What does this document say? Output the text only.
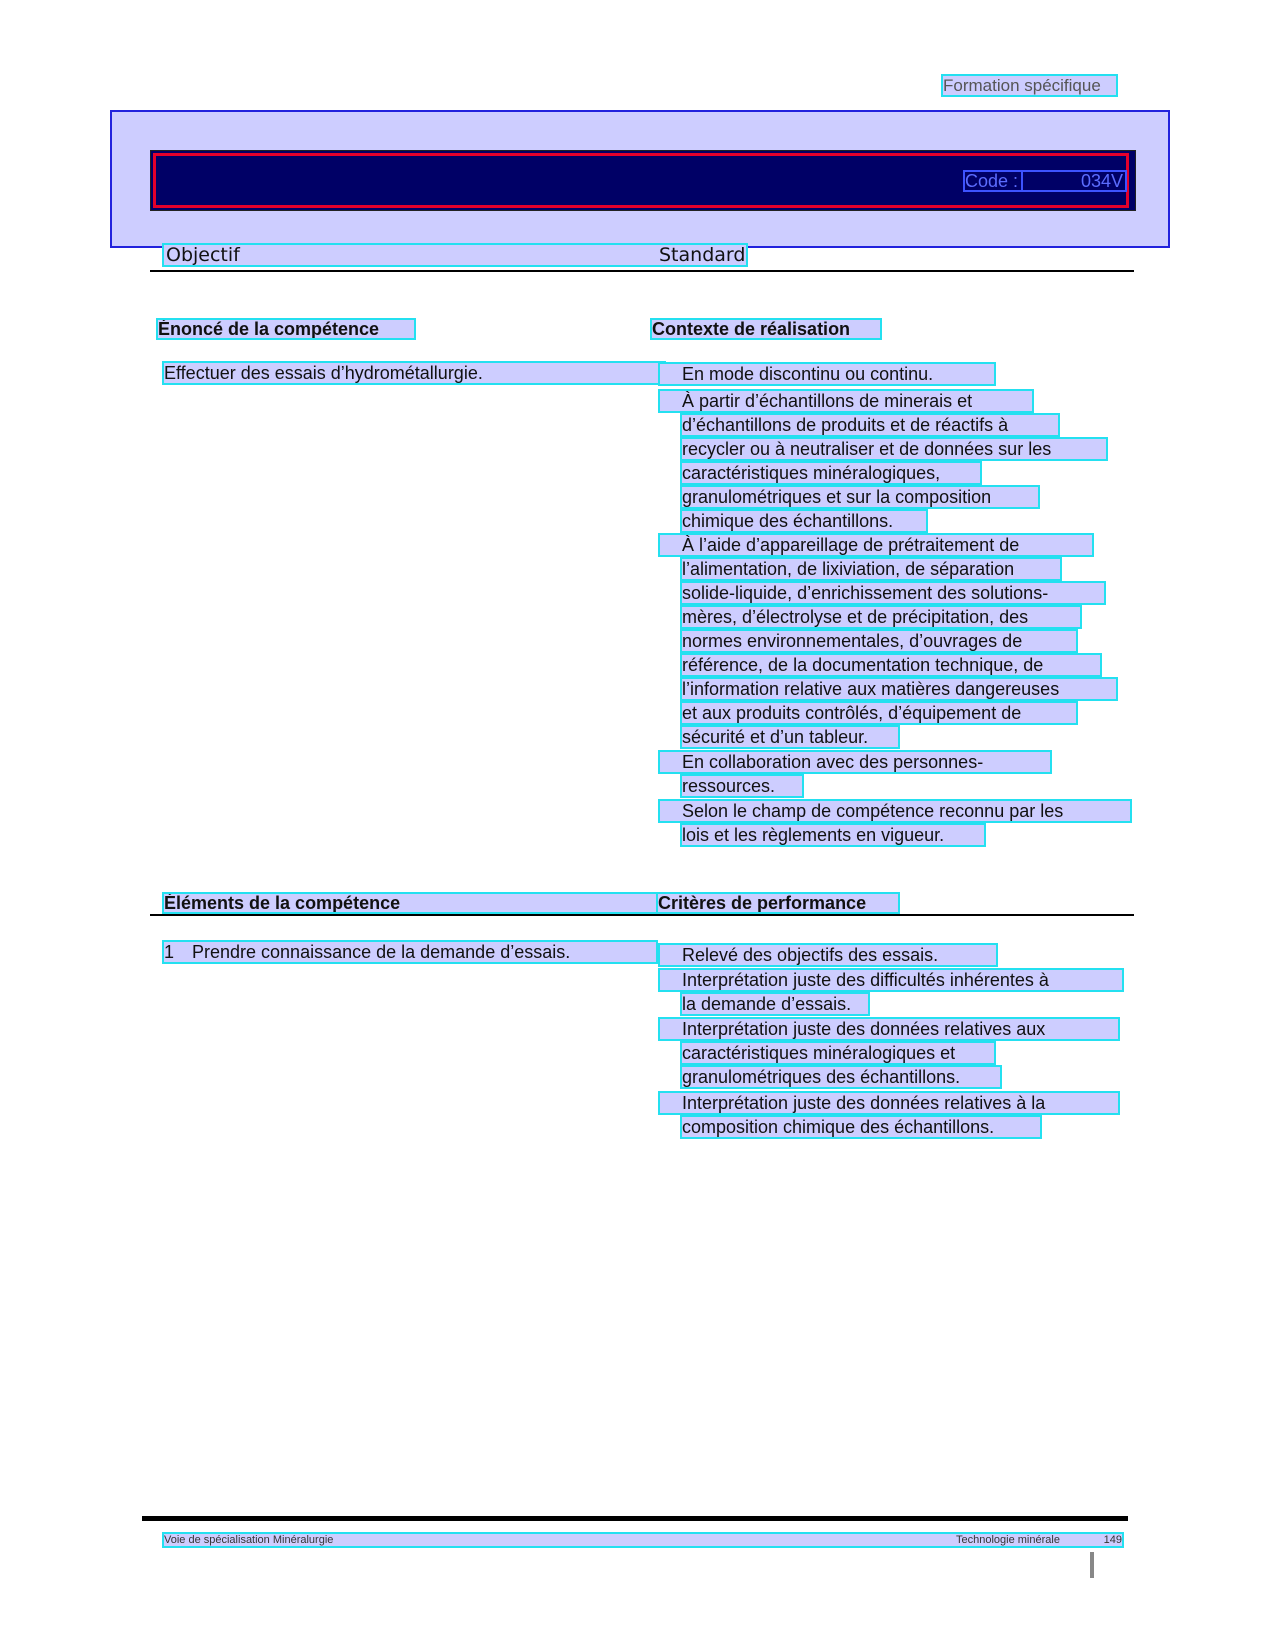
Formation spécifique
Code :	034V
Objectif	Standard
Énoncé de la compétence	Contexte de réalisation
Effectuer des essais d’hydrométallurgie.	En mode discontinu ou continu.
À partir d’échantillons de minerais et
d’échantillons de produits et de réactifs à
recycler ou à neutraliser et de données sur les
caractéristiques minéralogiques,
granulométriques et sur la composition
chimique des échantillons.
À l’aide d’appareillage de prétraitement de
l’alimentation, de lixiviation, de séparation
solide-liquide, d’enrichissement des solutions-
mères, d’électrolyse et de précipitation, des
normes environnementales, d’ouvrages de
référence, de la documentation technique, de
l’information relative aux matières dangereuses
et aux produits contrôlés, d’équipement de
sécurité et d’un tableur.
En collaboration avec des personnes-
ressources.
Selon le champ de compétence reconnu par les
lois et les règlements en vigueur.
Éléments de la compétence	Critères de performance
1 Prendre connaissance de la demande d’essais.	Relevé des objectifs des essais.
Interprétation juste des difficultés inhérentes à
la demande d’essais.
Interprétation juste des données relatives aux
caractéristiques minéralogiques et
granulométriques des échantillons.
Interprétation juste des données relatives à la
composition chimique des échantillons.
Voie de spécialisation Minéralurgie	Technologie minérale	149
